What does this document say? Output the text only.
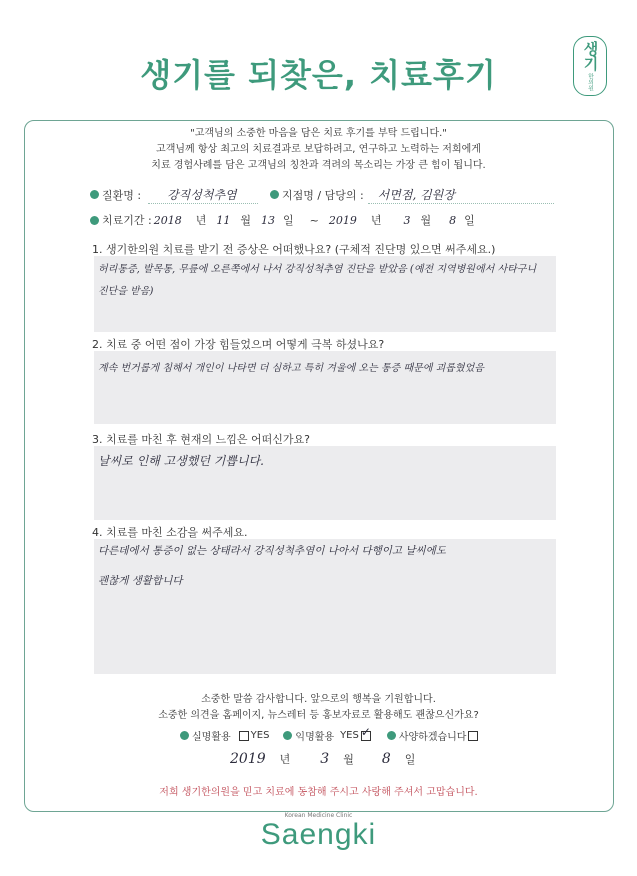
생기를 되찾은, 치료후기	생기
한의원
"고객님의 소중한 마음을 담은 치료 후기를 부탁 드립니다."
고객님께 항상 최고의 치료결과로 보답하려고, 연구하고 노력하는 저희에게
치료 경험사례를 담은 고객님의 칭찬과 격려의 목소리는 가장 큰 힘이 됩니다.
질환명 : 강직성척추염	지점명 / 담당의 : 서면점, 김원장
치료기간 : 2018 년 11 월 13 일 ~ 2019 년 3 월 8 일
1. 생기한의원 치료를 받기 전 증상은 어떠했나요? (구체적 진단명 있으면 써주세요.)
허리통증, 발목통, 무릎에 오른쪽에서 나서 강직성척추염 진단을 받았음 (예전 지역병원에서 사타구니
진단을 받음)
2. 치료 중 어떤 점이 가장 힘들었으며 어떻게 극복 하셨나요?
계속 번거롭게 침해서 개인이 나타면 더 심하고 특히 겨울에 오는 통증 때문에 괴롭혔었음
3. 치료를 마친 후 현재의 느낌은 어떠신가요?
날씨로 인해 고생했던 기쁩니다.
4. 치료를 마친 소감을 써주세요.
다른데에서 통증이 없는 상태라서 강직성척추염이 나아서 다행이고 날씨에도
괜찮게 생활합니다
소중한 말씀 감사합니다. 앞으로의 행복을 기원합니다.
소중한 의견을 홈페이지, 뉴스레터 등 홍보자료로 활용해도 괜찮으신가요?
실명활용 YES	익명활용 YES ✓	사양하겠습니다
2019 년 3 월 8 일
저희 생기한의원을 믿고 치료에 동참해 주시고 사랑해 주셔서 고맙습니다.
Korean Medicine Clinic
Saengki
